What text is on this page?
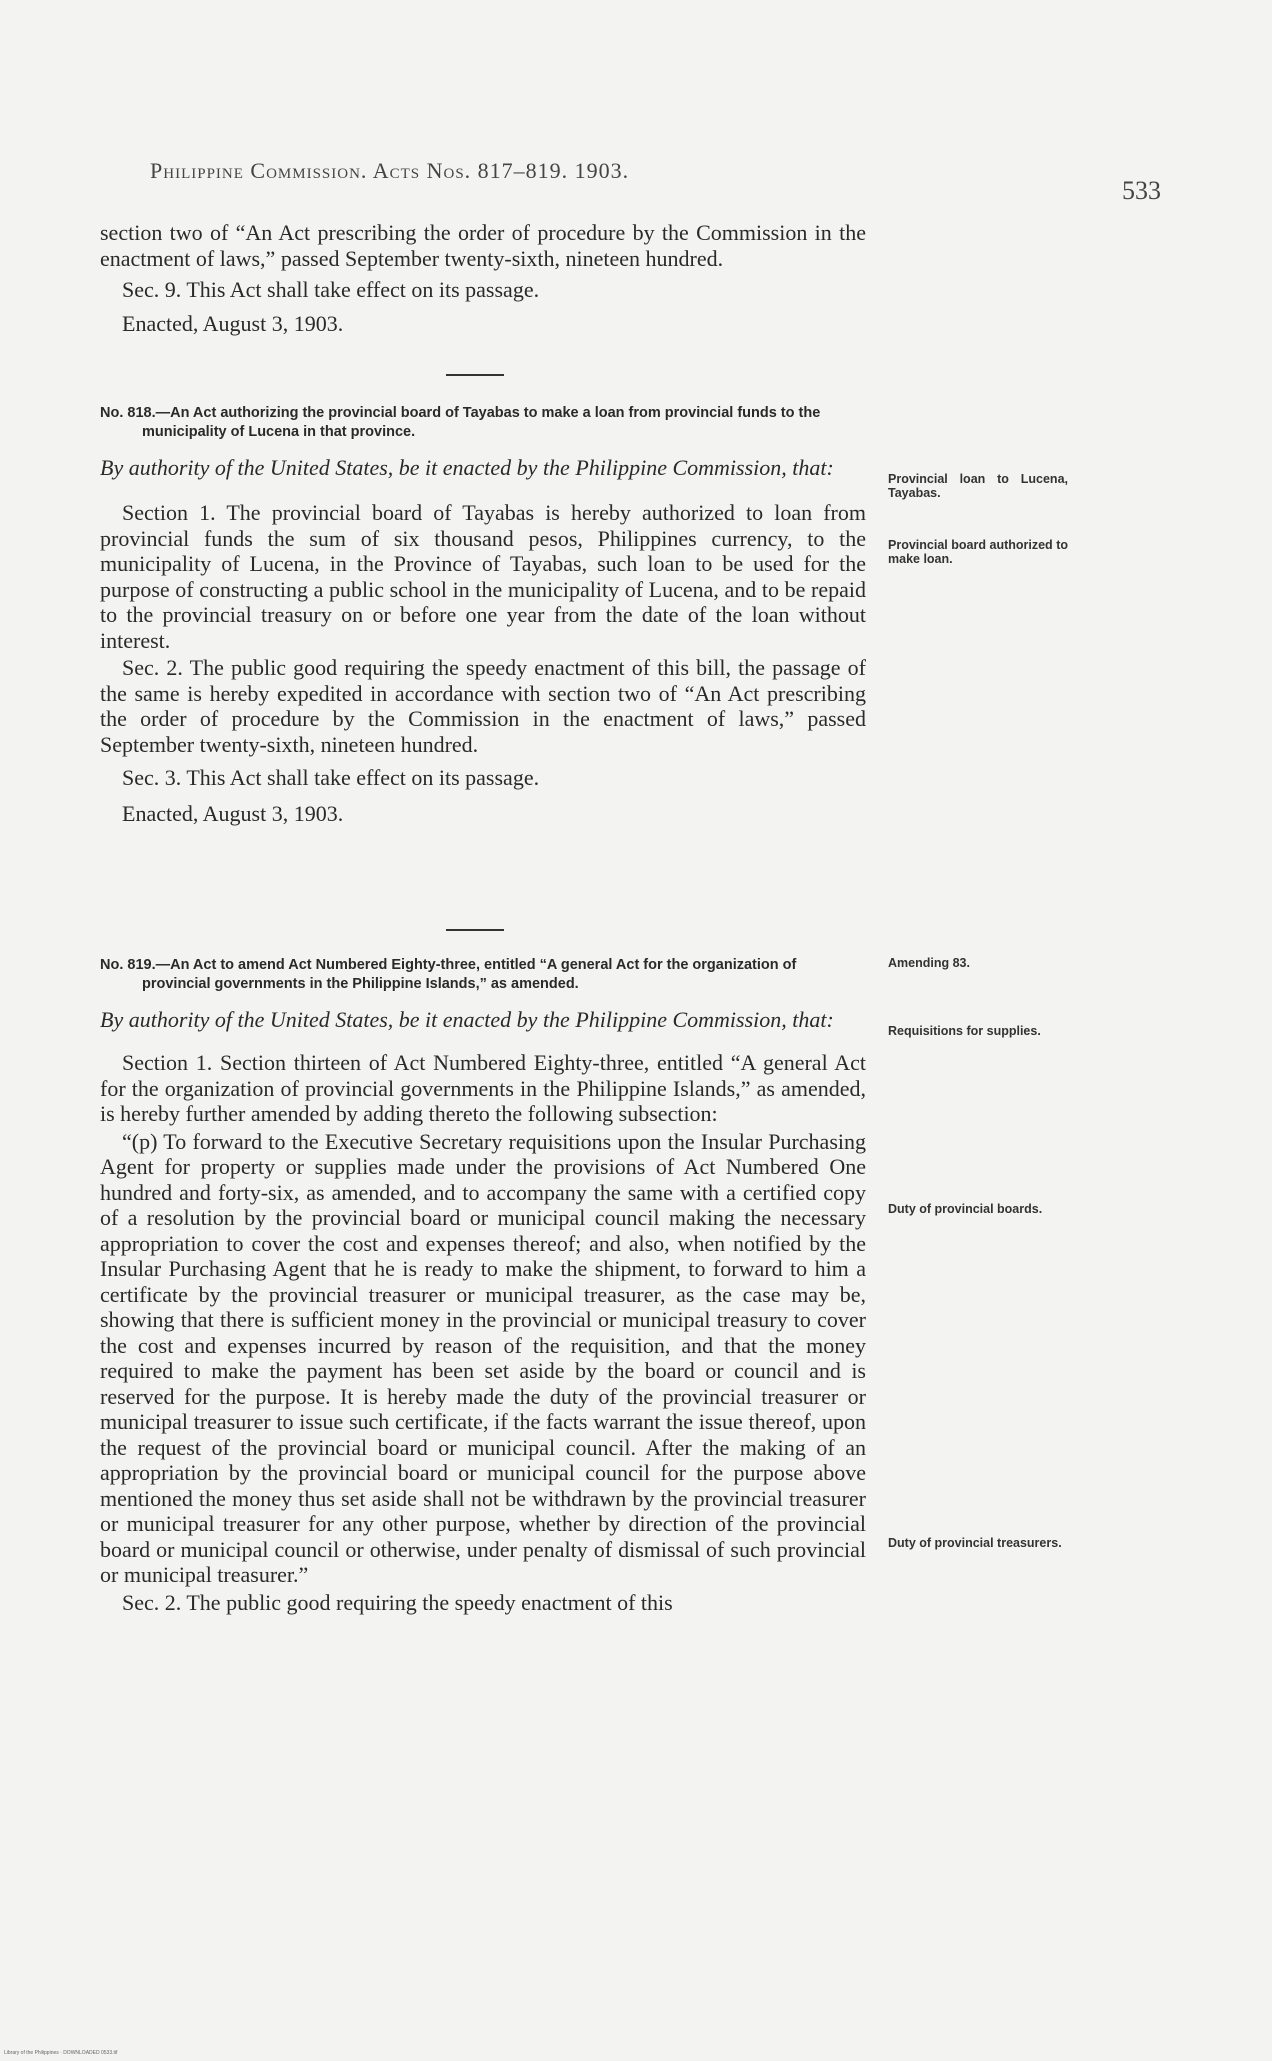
Philippine Commission. Acts Nos. 817–819. 1903.
533

section two of “An Act prescribing the order of procedure by the Commission in the enactment of laws,” passed September twenty-sixth, nineteen hundred.

Sec. 9. This Act shall take effect on its passage.

Enacted, August 3, 1903.

No. 818.—An Act authorizing the provincial board of Tayabas to make a loan from provincial funds to the municipality of Lucena in that province.

By authority of the United States, be it enacted by the Philippine Commission, that:

Section 1. The provincial board of Tayabas is hereby authorized to loan from provincial funds the sum of six thousand pesos, Philippines currency, to the municipality of Lucena, in the Province of Tayabas, such loan to be used for the purpose of constructing a public school in the municipality of Lucena, and to be repaid to the provincial treasury on or before one year from the date of the loan without interest.

Sec. 2. The public good requiring the speedy enactment of this bill, the passage of the same is hereby expedited in accordance with section two of “An Act prescribing the order of procedure by the Commission in the enactment of laws,” passed September twenty-sixth, nineteen hundred.

Sec. 3. This Act shall take effect on its passage.

Enacted, August 3, 1903.

No. 819.—An Act to amend Act Numbered Eighty-three, entitled “A general Act for the organization of provincial governments in the Philippine Islands,” as amended.

By authority of the United States, be it enacted by the Philippine Commission, that:

Section 1. Section thirteen of Act Numbered Eighty-three, entitled “A general Act for the organization of provincial governments in the Philippine Islands,” as amended, is hereby further amended by adding thereto the following subsection:

“(p) To forward to the Executive Secretary requisitions upon the Insular Purchasing Agent for property or supplies made under the provisions of Act Numbered One hundred and forty-six, as amended, and to accompany the same with a certified copy of a resolution by the provincial board or municipal council making the necessary appropriation to cover the cost and expenses thereof; and also, when notified by the Insular Purchasing Agent that he is ready to make the shipment, to forward to him a certificate by the provincial treasurer or municipal treasurer, as the case may be, showing that there is sufficient money in the provincial or municipal treasury to cover the cost and expenses incurred by reason of the requisition, and that the money required to make the payment has been set aside by the board or council and is reserved for the purpose. It is hereby made the duty of the provincial treasurer or municipal treasurer to issue such certificate, if the facts warrant the issue thereof, upon the request of the provincial board or municipal council. After the making of an appropriation by the provincial board or municipal council for the purpose above mentioned the money thus set aside shall not be withdrawn by the provincial treasurer or municipal treasurer for any other purpose, whether by direction of the provincial board or municipal council or otherwise, under penalty of dismissal of such provincial or municipal treasurer.”

Sec. 2. The public good requiring the speedy enactment of this

Provincial loan to Lucena, Tayabas.

Provincial board authorized to make loan.

Amending 83.

Requisitions for supplies.

Duty of provincial boards.

Duty of provincial treasurers.

Library of the Philippines · DOWNLOADED 0533.tif
